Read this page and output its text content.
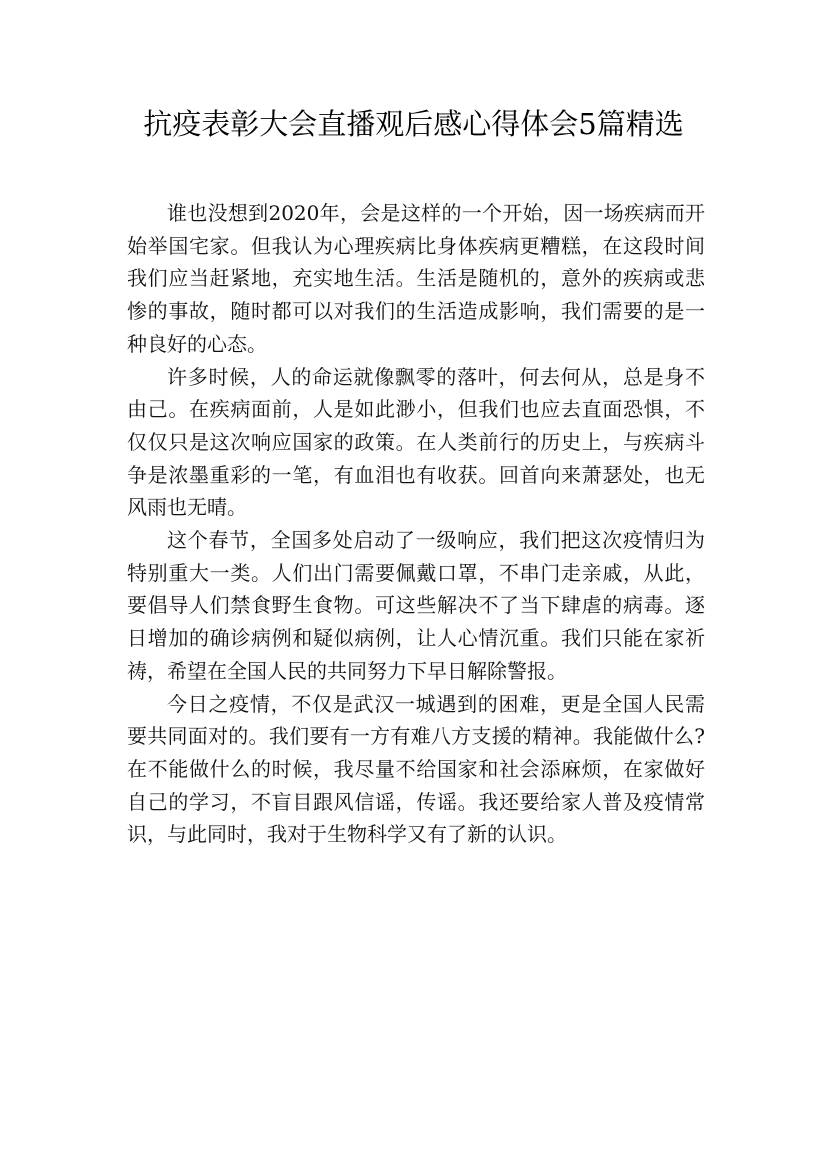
抗疫表彰大会直播观后感心得体会5篇精选

谁也没想到2020年，会是这样的一个开始，因一场疾病而开始举国宅家。但我认为心理疾病比身体疾病更糟糕，在这段时间我们应当赶紧地，充实地生活。生活是随机的，意外的疾病或悲惨的事故，随时都可以对我们的生活造成影响，我们需要的是一种良好的心态。

许多时候，人的命运就像飘零的落叶，何去何从，总是身不由己。在疾病面前，人是如此渺小，但我们也应去直面恐惧，不仅仅只是这次响应国家的政策。在人类前行的历史上，与疾病斗争是浓墨重彩的一笔，有血泪也有收获。回首向来萧瑟处，也无风雨也无晴。

这个春节，全国多处启动了一级响应，我们把这次疫情归为特别重大一类。人们出门需要佩戴口罩，不串门走亲戚，从此，要倡导人们禁食野生食物。可这些解决不了当下肆虐的病毒。逐日增加的确诊病例和疑似病例，让人心情沉重。我们只能在家祈祷，希望在全国人民的共同努力下早日解除警报。

今日之疫情，不仅是武汉一城遇到的困难，更是全国人民需要共同面对的。我们要有一方有难八方支援的精神。我能做什么?在不能做什么的时候，我尽量不给国家和社会添麻烦，在家做好自己的学习，不盲目跟风信谣，传谣。我还要给家人普及疫情常识，与此同时，我对于生物科学又有了新的认识。
